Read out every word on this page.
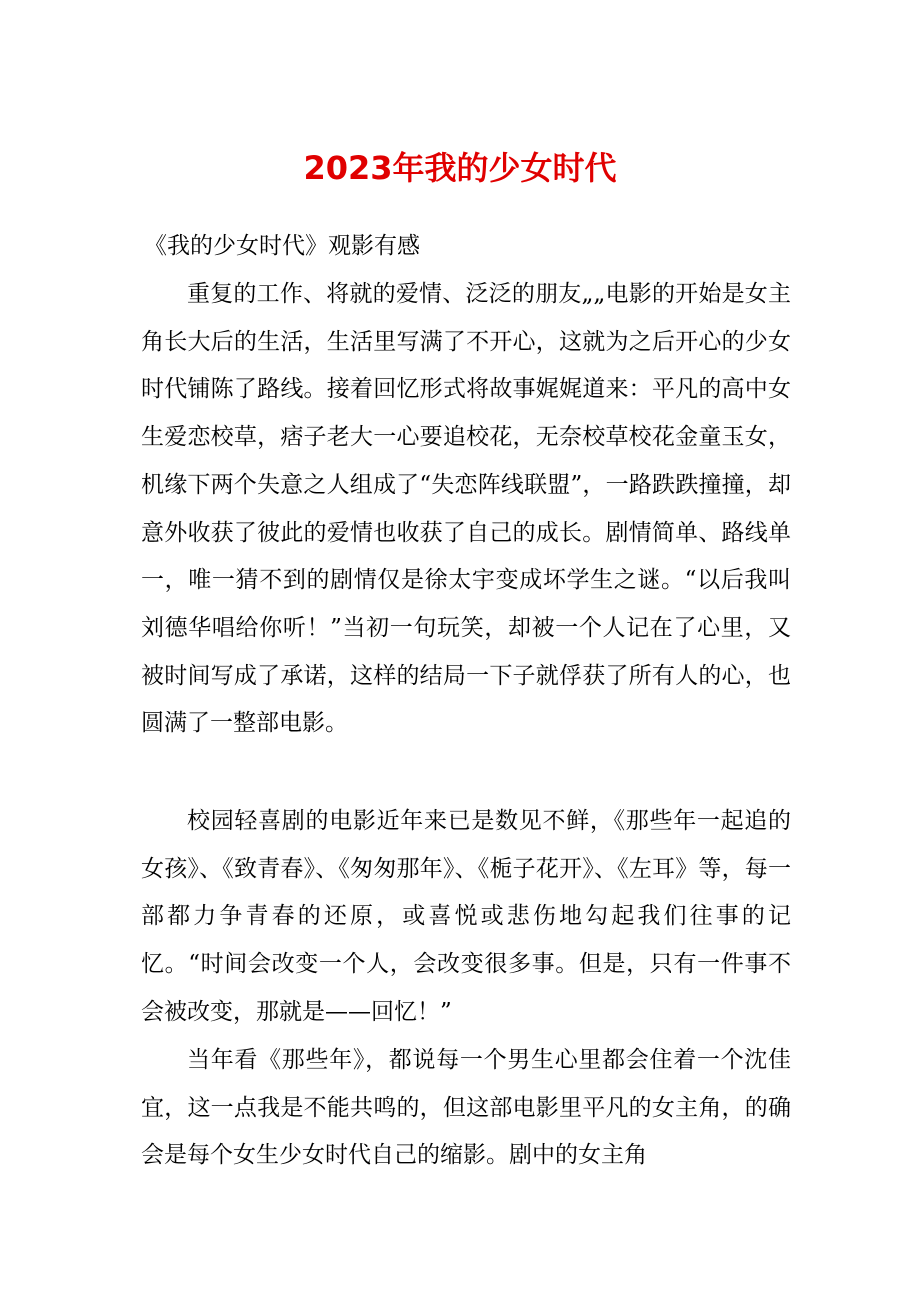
2023年我的少女时代

《我的少女时代》观影有感

重复的工作、将就的爱情、泛泛的朋友„„电影的开始是女主角长大后的生活，生活里写满了不开心，这就为之后开心的少女时代铺陈了路线。接着回忆形式将故事娓娓道来：平凡的高中女生爱恋校草，痞子老大一心要追校花，无奈校草校花金童玉女，机缘下两个失意之人组成了“失恋阵线联盟”，一路跌跌撞撞，却意外收获了彼此的爱情也收获了自己的成长。剧情简单、路线单一，唯一猜不到的剧情仅是徐太宇变成坏学生之谜。“以后我叫刘德华唱给你听！”当初一句玩笑，却被一个人记在了心里，又被时间写成了承诺，这样的结局一下子就俘获了所有人的心，也圆满了一整部电影。

校园轻喜剧的电影近年来已是数见不鲜，《那些年一起追的女孩》、《致青春》、《匆匆那年》、《栀子花开》、《左耳》等，每一部都力争青春的还原，或喜悦或悲伤地勾起我们往事的记忆。“时间会改变一个人，会改变很多事。但是，只有一件事不会被改变，那就是——回忆！”

当年看《那些年》，都说每一个男生心里都会住着一个沈佳宜，这一点我是不能共鸣的，但这部电影里平凡的女主角，的确会是每个女生少女时代自己的缩影。剧中的女主角
